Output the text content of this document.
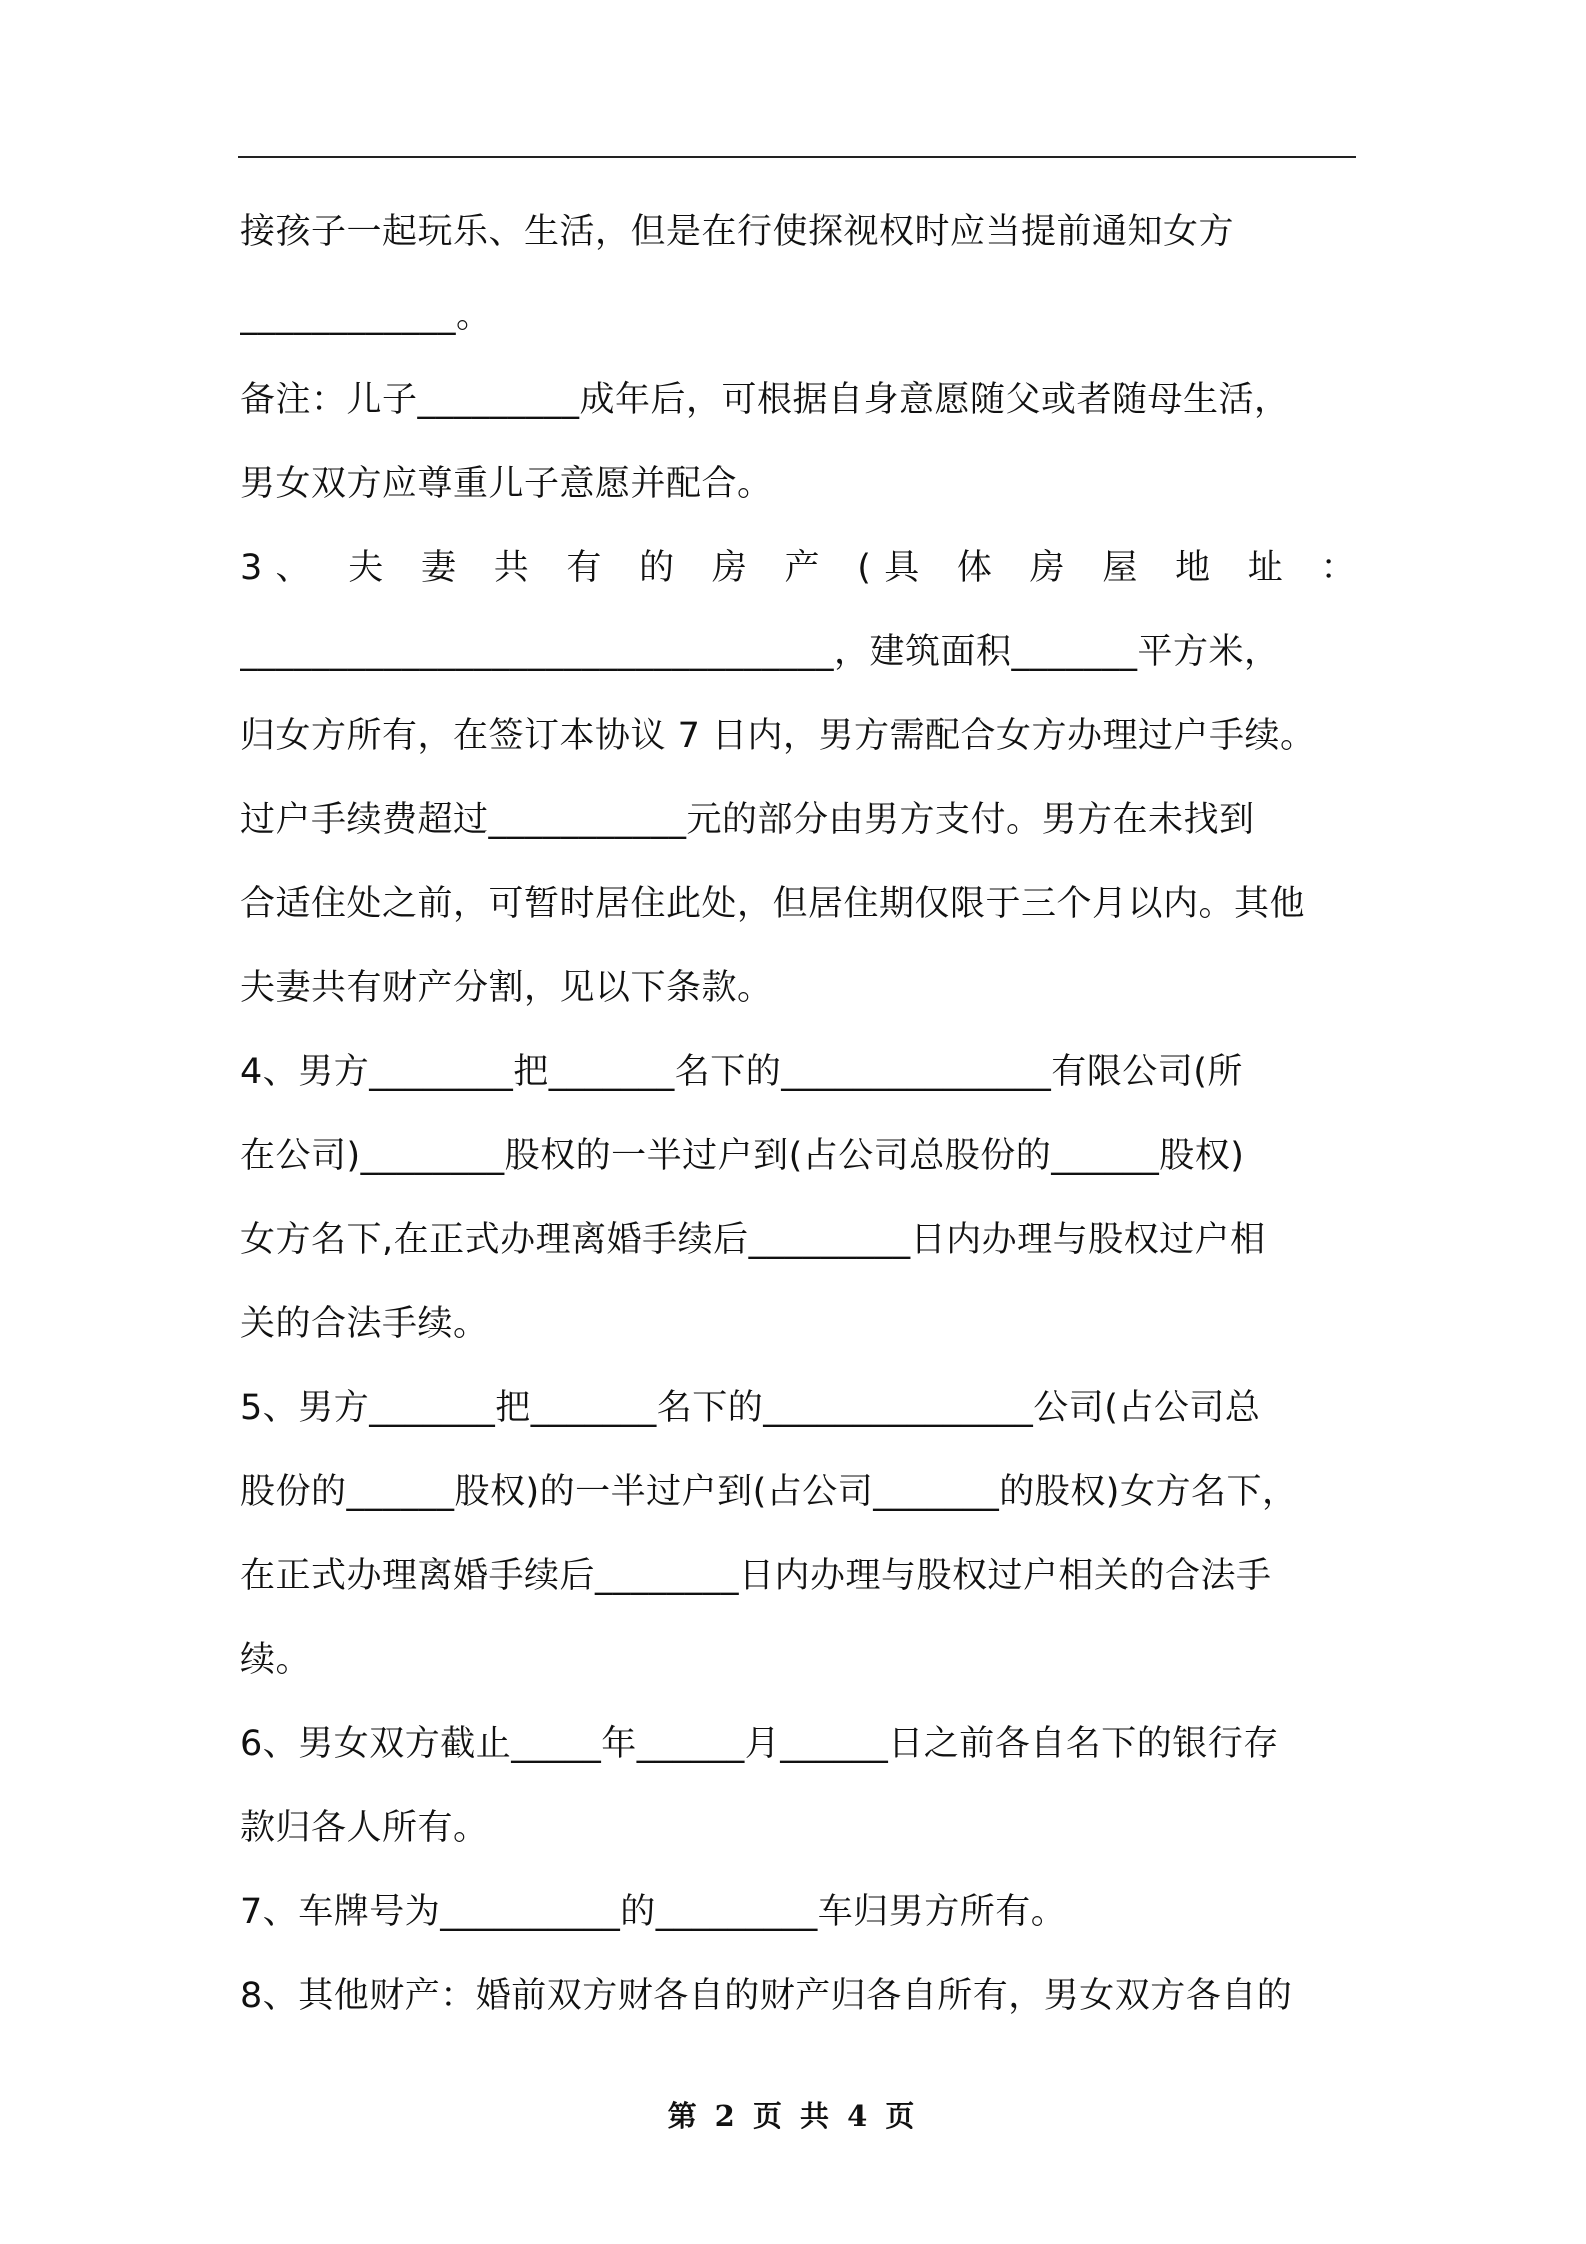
接孩子一起玩乐、生活，但是在行使探视权时应当提前通知女方
____________。
备注：儿子_________成年后，可根据自身意愿随父或者随母生活，
男女双方应尊重儿子意愿并配合。
3、 夫 妻 共 有 的 房 产 (具 体 房 屋 地 址 ：
_________________________________，建筑面积_______平方米，
归女方所有，在签订本协议 7 日内，男方需配合女方办理过户手续。
过户手续费超过___________元的部分由男方支付。男方在未找到
合适住处之前，可暂时居住此处，但居住期仅限于三个月以内。其他
夫妻共有财产分割，见以下条款。
4、男方________把_______名下的_______________有限公司(所
在公司)________股权的一半过户到(占公司总股份的______股权)
女方名下,在正式办理离婚手续后_________日内办理与股权过户相
关的合法手续。
5、男方_______把_______名下的_______________公司(占公司总
股份的______股权)的一半过户到(占公司_______的股权)女方名下，
在正式办理离婚手续后________日内办理与股权过户相关的合法手
续。
6、男女双方截止_____年______月______日之前各自名下的银行存
款归各人所有。
7、车牌号为__________的_________车归男方所有。
8、其他财产：婚前双方财各自的财产归各自所有，男女双方各自的
第 2 页 共 4 页
